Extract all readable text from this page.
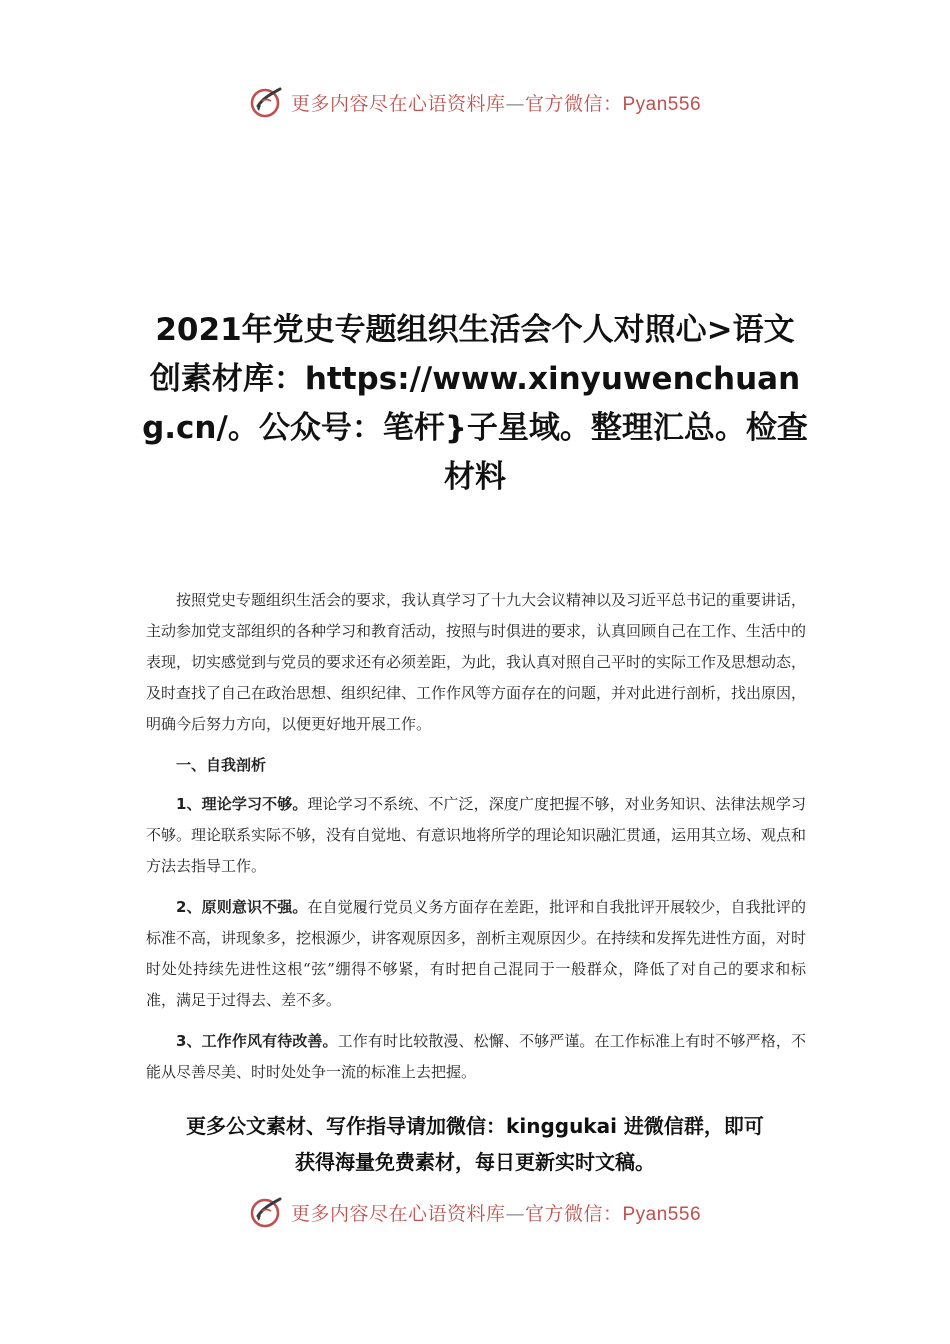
更多内容尽在心语资料库—官方微信：Pyan556
2021年党史专题组织生活会个人对照心>语文创素材库：https://www.xinyuwenchuang.cn/。公众号：笔杆}子星域。整理汇总。检查材料

按照党史专题组织生活会的要求，我认真学习了十九大会议精神以及习近平总书记的重要讲话，主动参加党支部组织的各种学习和教育活动，按照与时俱进的要求，认真回顾自己在工作、生活中的表现，切实感觉到与党员的要求还有必须差距，为此，我认真对照自己平时的实际工作及思想动态，及时查找了自己在政治思想、组织纪律、工作作风等方面存在的问题，并对此进行剖析，找出原因，明确今后努力方向，以便更好地开展工作。

一、自我剖析

1、理论学习不够。理论学习不系统、不广泛，深度广度把握不够，对业务知识、法律法规学习不够。理论联系实际不够，没有自觉地、有意识地将所学的理论知识融汇贯通，运用其立场、观点和方法去指导工作。

2、原则意识不强。在自觉履行党员义务方面存在差距，批评和自我批评开展较少，自我批评的标准不高，讲现象多，挖根源少，讲客观原因多，剖析主观原因少。在持续和发挥先进性方面，对时时处处持续先进性这根“弦”绷得不够紧，有时把自己混同于一般群众，降低了对自己的要求和标准，满足于过得去、差不多。

3、工作作风有待改善。工作有时比较散漫、松懈、不够严谨。在工作标准上有时不够严格，不能从尽善尽美、时时处处争一流的标准上去把握。

更多公文素材、写作指导请加微信：kinggukai 进微信群，即可
获得海量免费素材，每日更新实时文稿。
更多内容尽在心语资料库—官方微信：Pyan556
